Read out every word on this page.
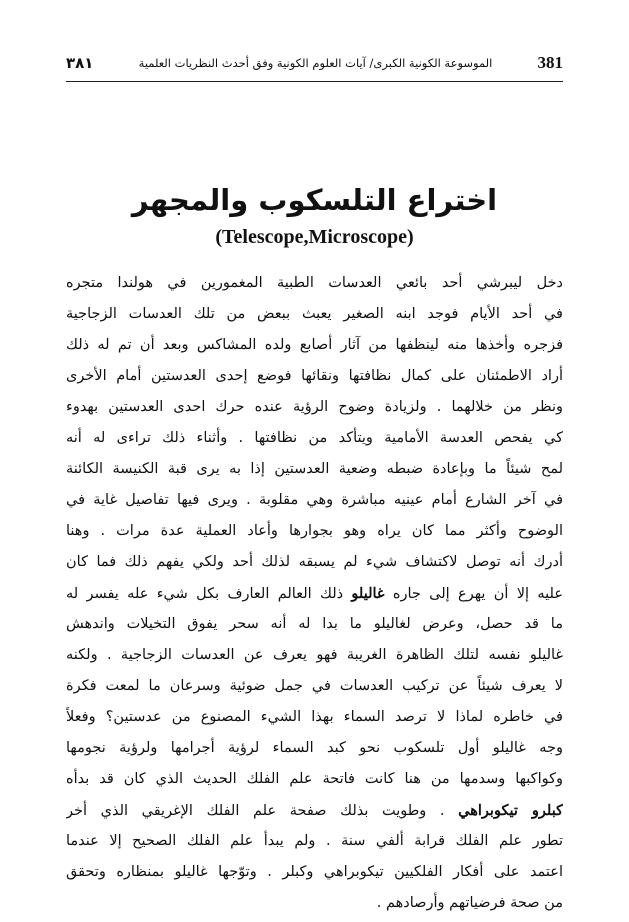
٣٨١	الموسوعة الكونية الكبرى/ آيات العلوم الكونية وفق أحدث النظريات العلمية	381
اختراع التلسكوب والمجهر
(Telescope,Microscope)
دخل ليبرشي أحد بائعي العدسات الطبية المغمورين في هولندا متجره
في أحد الأيام فوجد ابنه الصغير يعبث ببعض من تلك العدسات الزجاجية
فزجره وأخذها منه لينظفها من آثار أصابع ولده المشاكس وبعد أن تم له ذلك
أراد الاطمئنان على كمال نظافتها ونقائها فوضع إحدى العدستين أمام الأخرى
ونظر من خلالهما . ولزيادة وضوح الرؤية عنده حرك احدى العدستين بهدوء
كي يفحص العدسة الأمامية ويتأكد من نظافتها . وأثناء ذلك تراءى له أنه
لمح شيئاً ما وبإعادة ضبطه وضعية العدستين إذا به يرى قبة الكنيسة الكائنة
في آخر الشارع أمام عينيه مباشرة وهي مقلوبة . ويرى فيها تفاصيل غاية في
الوضوح وأكثر مما كان يراه وهو بجوارها وأعاد العملية عدة مرات . وهنا
أدرك أنه توصل لاكتشاف شيء لم يسبقه لذلك أحد ولكي يفهم ذلك فما كان
عليه إلا أن يهرع إلى جاره غاليلو ذلك العالم العارف بكل شيء عله يفسر له
ما قد حصل، وعرض لغاليلو ما بدا له أنه سحر يفوق التخيلات واندهش
غاليلو نفسه لتلك الظاهرة الغريبة فهو يعرف عن العدسات الزجاجية . ولكنه
لا يعرف شيئاً عن تركيب العدسات في جمل ضوئية وسرعان ما لمعت فكرة
في خاطره لماذا لا ترصد السماء بهذا الشيء المصنوع من عدستين؟ وفعلاً
وجه غاليلو أول تلسكوب نحو كبد السماء لرؤية أجرامها ولرؤية نجومها
وكواكبها وسدمها من هنا كانت فاتحة علم الفلك الحديث الذي كان قد بدأه
كبلرو تيكوبراهي . وطويت بذلك صفحة علم الفلك الإغريقي الذي أخر
تطور علم الفلك قرابة ألفي سنة . ولم يبدأ علم الفلك الصحيح إلا عندما
اعتمد على أفكار الفلكيين تيكوبراهي وكبلر . وتوّجها غاليلو بمنظاره وتحقق
من صحة فرضياتهم وأرصادهم .
